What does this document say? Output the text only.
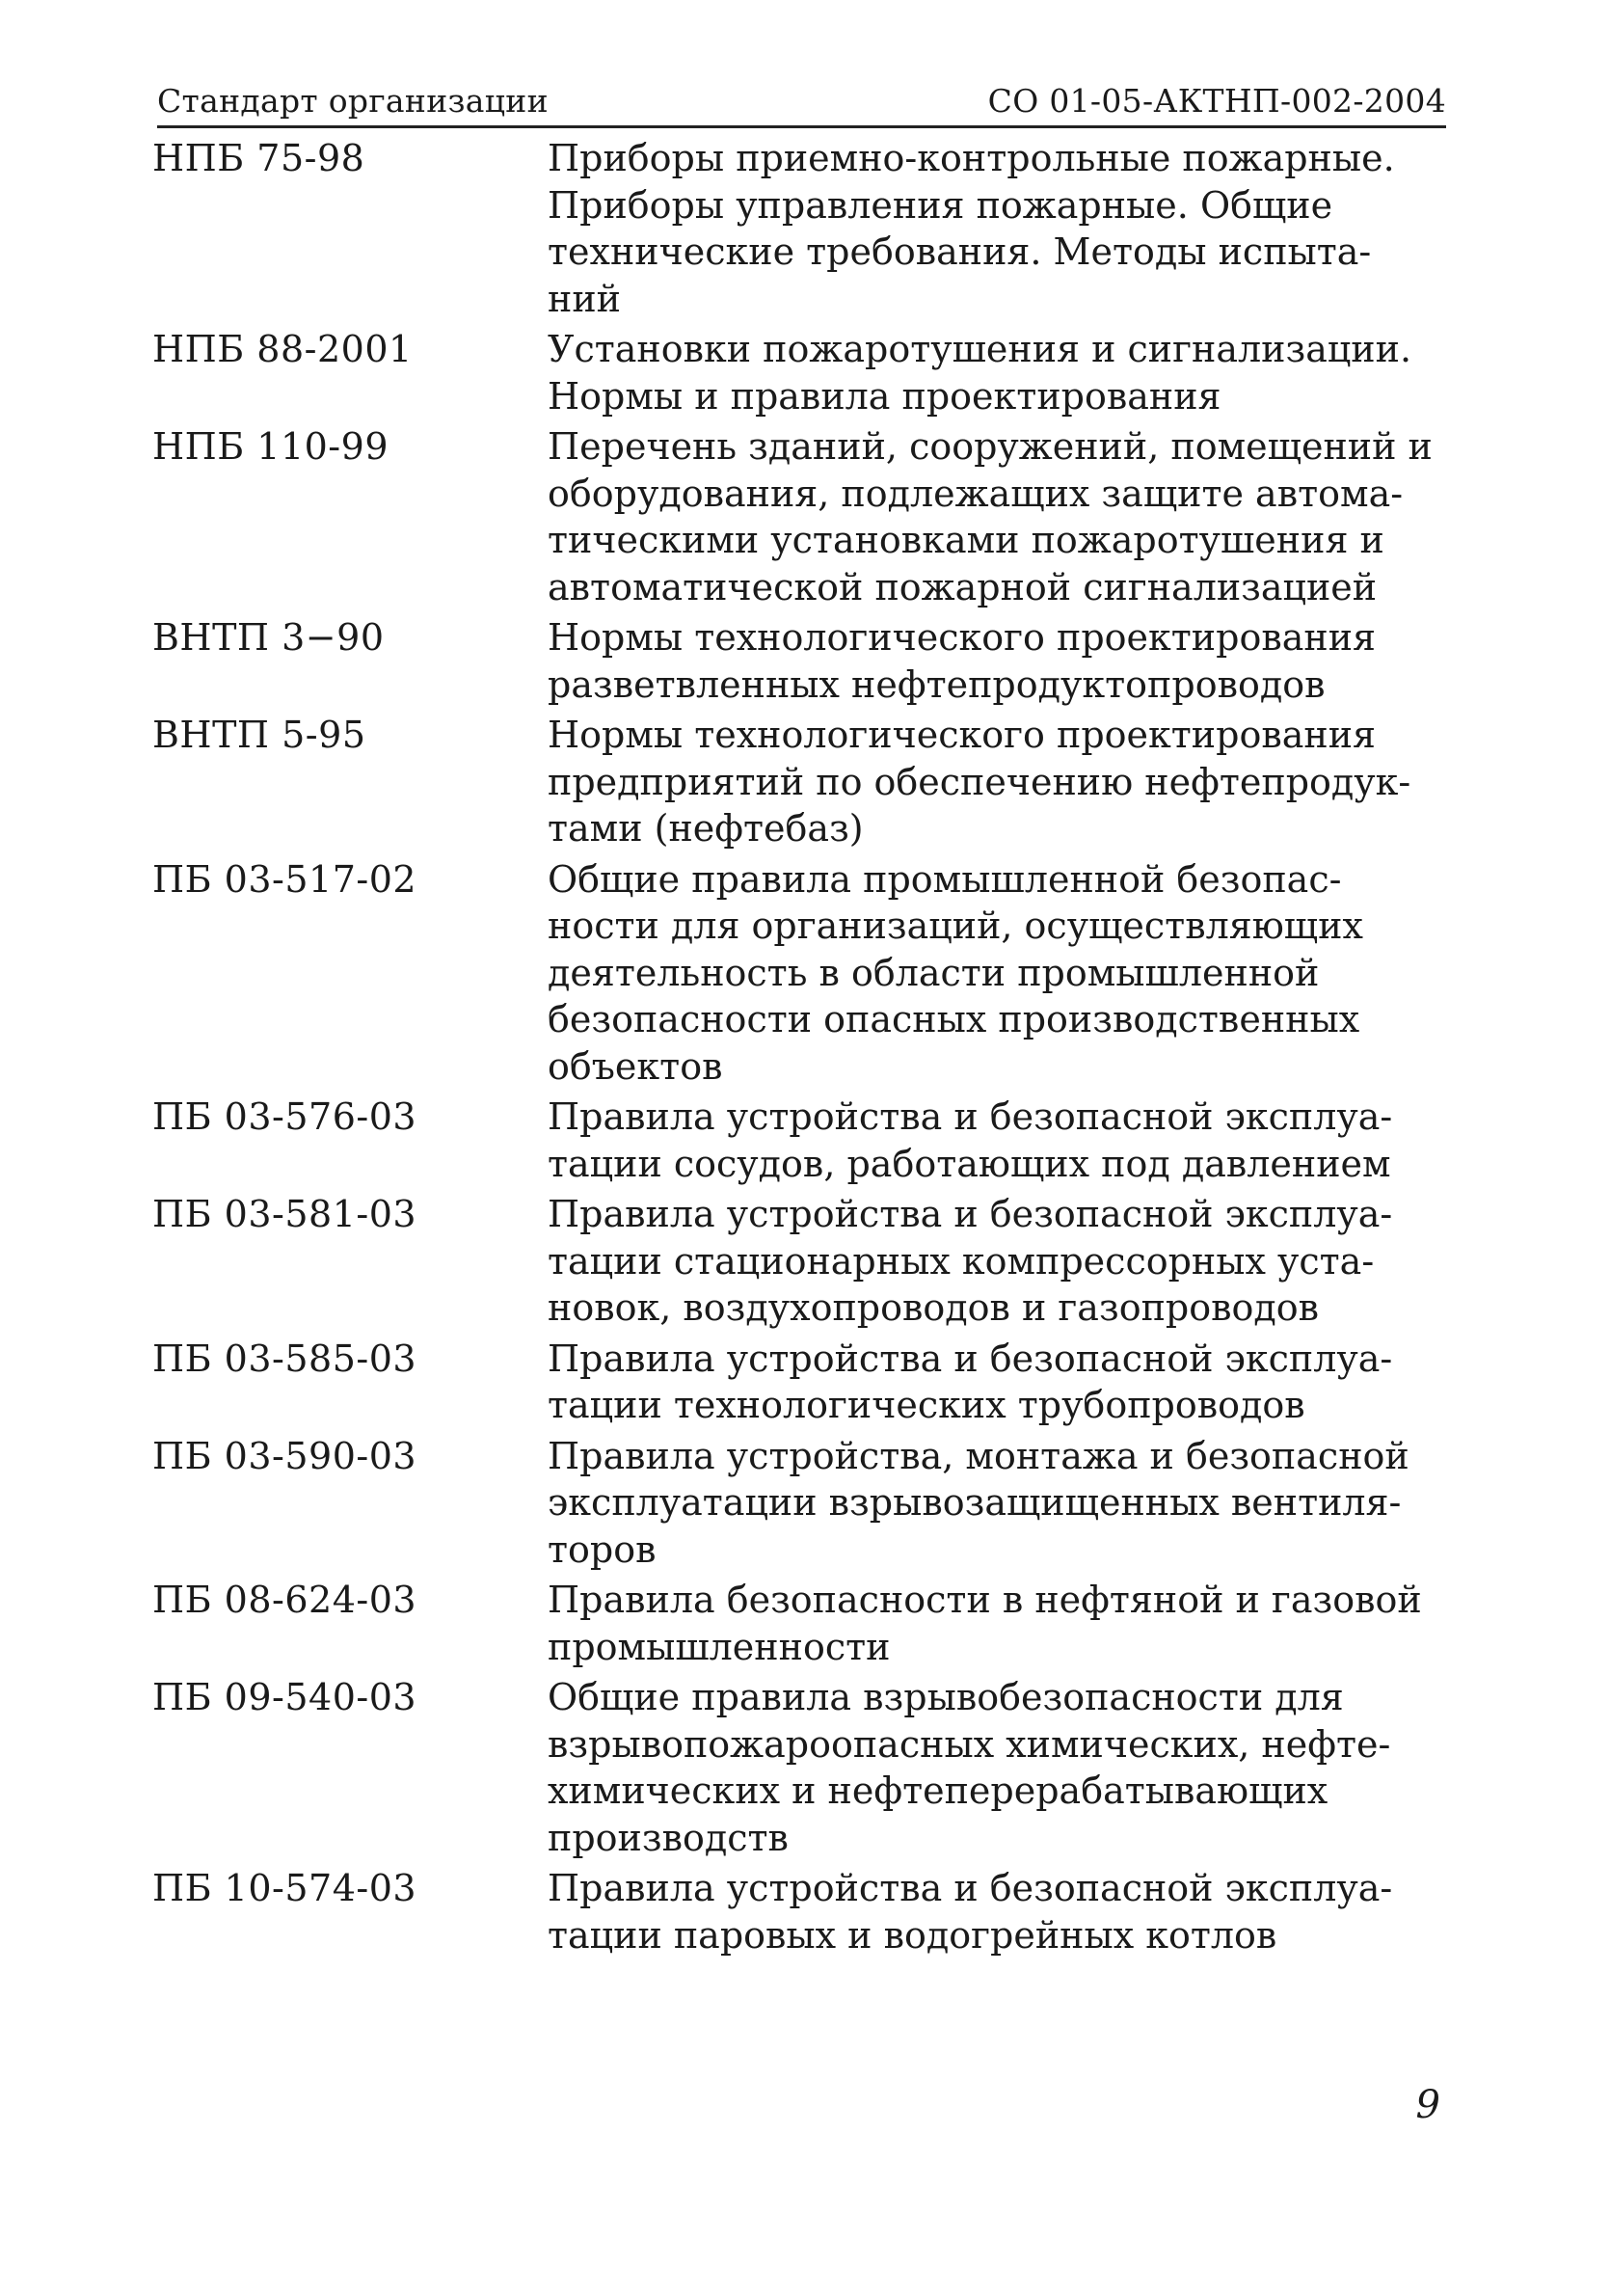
Стандарт организации	СО 01-05-АКТНП-002-2004
НПБ 75-98	Приборы приемно-контрольные пожарные.
Приборы управления пожарные. Общие
технические требования. Методы испыта-
ний
НПБ 88-2001	Установки пожаротушения и сигнализации.
Нормы и правила проектирования
НПБ 110-99	Перечень зданий, сооружений, помещений и
оборудования, подлежащих защите автома-
тическими установками пожаротушения и
автоматической пожарной сигнализацией
ВНТП 3−90	Нормы технологического проектирования
разветвленных нефтепродуктопроводов
ВНТП 5-95	Нормы технологического проектирования
предприятий по обеспечению нефтепродук-
тами (нефтебаз)
ПБ 03-517-02	Общие правила промышленной безопас-
ности для организаций, осуществляющих
деятельность в области промышленной
безопасности опасных производственных
объектов
ПБ 03-576-03	Правила устройства и безопасной эксплуа-
тации сосудов, работающих под давлением
ПБ 03-581-03	Правила устройства и безопасной эксплуа-
тации стационарных компрессорных уста-
новок, воздухопроводов и газопроводов
ПБ 03-585-03	Правила устройства и безопасной эксплуа-
тации технологических трубопроводов
ПБ 03-590-03	Правила устройства, монтажа и безопасной
эксплуатации взрывозащищенных вентиля-
торов
ПБ 08-624-03	Правила безопасности в нефтяной и газовой
промышленности
ПБ 09-540-03	Общие правила взрывобезопасности для
взрывопожароопасных химических, нефте-
химических и нефтеперерабатывающих
производств
ПБ 10-574-03	Правила устройства и безопасной эксплуа-
тации паровых и водогрейных котлов
9
